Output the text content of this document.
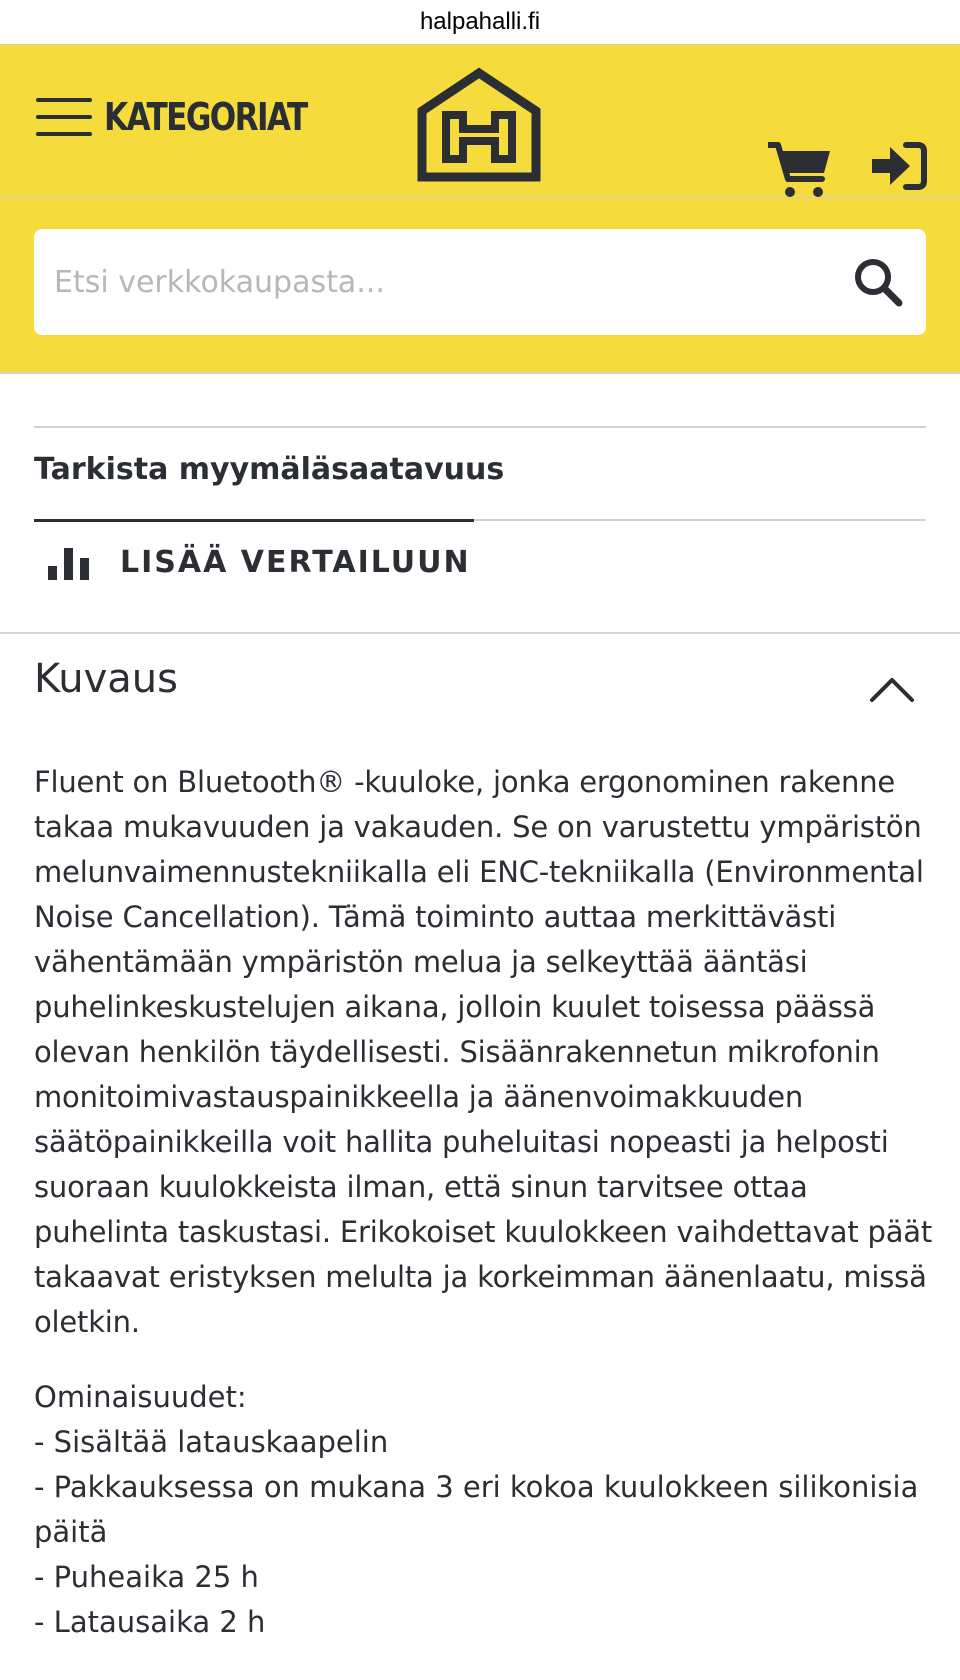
halpahalli.fi
KATEGORIAT
Etsi verkkokaupasta...
Tarkista myymäläsaatavuus
LISÄÄ VERTAILUUN
Kuvaus
Fluent on Bluetooth® -kuuloke, jonka ergonominen rakenne takaa mukavuuden ja vakauden. Se on varustettu ympäristön melunvaimennustekniikalla eli ENC-tekniikalla (Environmental Noise Cancellation). Tämä toiminto auttaa merkittävästi vähentämään ympäristön melua ja selkeyttää ääntäsi puhelinkeskustelujen aikana, jolloin kuulet toisessa päässä olevan henkilön täydellisesti. Sisäänrakennetun mikrofonin monitoimivastauspainikkeella ja äänenvoimakkuuden säätöpainikkeilla voit hallita puheluitasi nopeasti ja helposti suoraan kuulokkeista ilman, että sinun tarvitsee ottaa puhelinta taskustasi. Erikokoiset kuulokkeen vaihdettavat päät takaavat eristyksen melulta ja korkeimman äänenlaatu, missä oletkin.
Ominaisuudet:
- Sisältää latauskaapelin
- Pakkauksessa on mukana 3 eri kokoa kuulokkeen silikonisia päitä
- Puheaika 25 h
- Latausaika 2 h
